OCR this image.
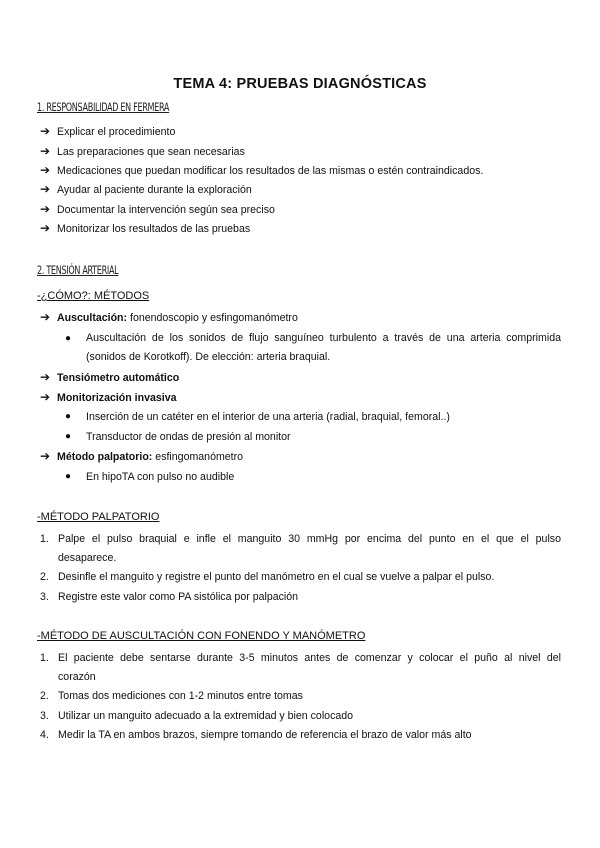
TEMA 4: PRUEBAS DIAGNÓSTICAS
1. RESPONSABILIDAD EN FERMERA
➔ Explicar el procedimiento
➔ Las preparaciones que sean necesarias
➔ Medicaciones que puedan modificar los resultados de las mismas o estén contraindicados.
➔ Ayudar al paciente durante la exploración
➔ Documentar la intervención según sea preciso
➔ Monitorizar los resultados de las pruebas
2. TENSIÓN ARTERIAL
-¿CÓMO?: MÉTODOS
➔ Auscultación: fonendoscopio y esfingomanómetro
● Auscultación de los sonidos de flujo sanguíneo turbulento a través de una arteria comprimida
(sonidos de Korotkoff). De elección: arteria braquial.
➔ Tensiómetro automático
➔ Monitorización invasiva
● Inserción de un catéter en el interior de una arteria (radial, braquial, femoral..)
● Transductor de ondas de presión al monitor
➔ Método palpatorio: esfingomanómetro
● En hipoTA con pulso no audible
-MÉTODO PALPATORIO
1. Palpe el pulso braquial e infle el manguito 30 mmHg por encima del punto en el que el pulso
desaparece.
2. Desinfle el manguito y registre el punto del manómetro en el cual se vuelve a palpar el pulso.
3. Registre este valor como PA sistólica por palpación
-MÉTODO DE AUSCULTACIÓN CON FONENDO Y MANÓMETRO
1. El paciente debe sentarse durante 3-5 minutos antes de comenzar y colocar el puño al nivel del
corazón
2. Tomas dos mediciones con 1-2 minutos entre tomas
3. Utilizar un manguito adecuado a la extremidad y bien colocado
4. Medir la TA en ambos brazos, siempre tomando de referencia el brazo de valor más alto
